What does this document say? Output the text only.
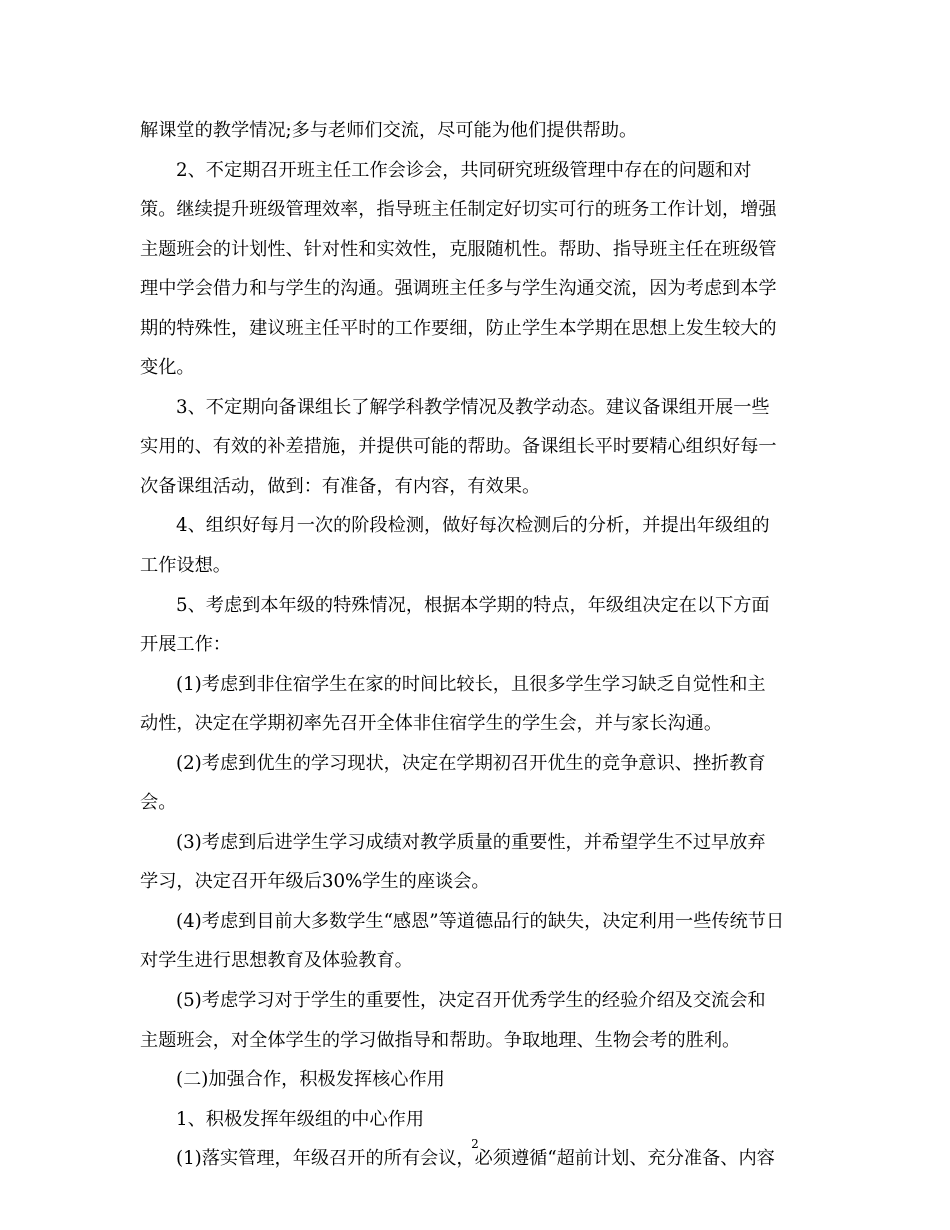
解课堂的教学情况;多与老师们交流，尽可能为他们提供帮助。
2、不定期召开班主任工作会诊会，共同研究班级管理中存在的问题和对
策。继续提升班级管理效率，指导班主任制定好切实可行的班务工作计划，增强
主题班会的计划性、针对性和实效性，克服随机性。帮助、指导班主任在班级管
理中学会借力和与学生的沟通。强调班主任多与学生沟通交流，因为考虑到本学
期的特殊性，建议班主任平时的工作要细，防止学生本学期在思想上发生较大的
变化。
3、不定期向备课组长了解学科教学情况及教学动态。建议备课组开展一些
实用的、有效的补差措施，并提供可能的帮助。备课组长平时要精心组织好每一
次备课组活动，做到：有准备，有内容，有效果。
4、组织好每月一次的阶段检测，做好每次检测后的分析，并提出年级组的
工作设想。
5、考虑到本年级的特殊情况，根据本学期的特点，年级组决定在以下方面
开展工作：
(1)考虑到非住宿学生在家的时间比较长，且很多学生学习缺乏自觉性和主
动性，决定在学期初率先召开全体非住宿学生的学生会，并与家长沟通。
(2)考虑到优生的学习现状，决定在学期初召开优生的竞争意识、挫折教育
会。
(3)考虑到后进学生学习成绩对教学质量的重要性，并希望学生不过早放弃
学习，决定召开年级后30%学生的座谈会。
(4)考虑到目前大多数学生“感恩”等道德品行的缺失，决定利用一些传统节日
对学生进行思想教育及体验教育。
(5)考虑学习对于学生的重要性，决定召开优秀学生的经验介绍及交流会和
主题班会，对全体学生的学习做指导和帮助。争取地理、生物会考的胜利。
(二)加强合作，积极发挥核心作用
1、积极发挥年级组的中心作用
(1)落实管理，年级召开的所有会议，必须遵循“超前计划、充分准备、内容
2
